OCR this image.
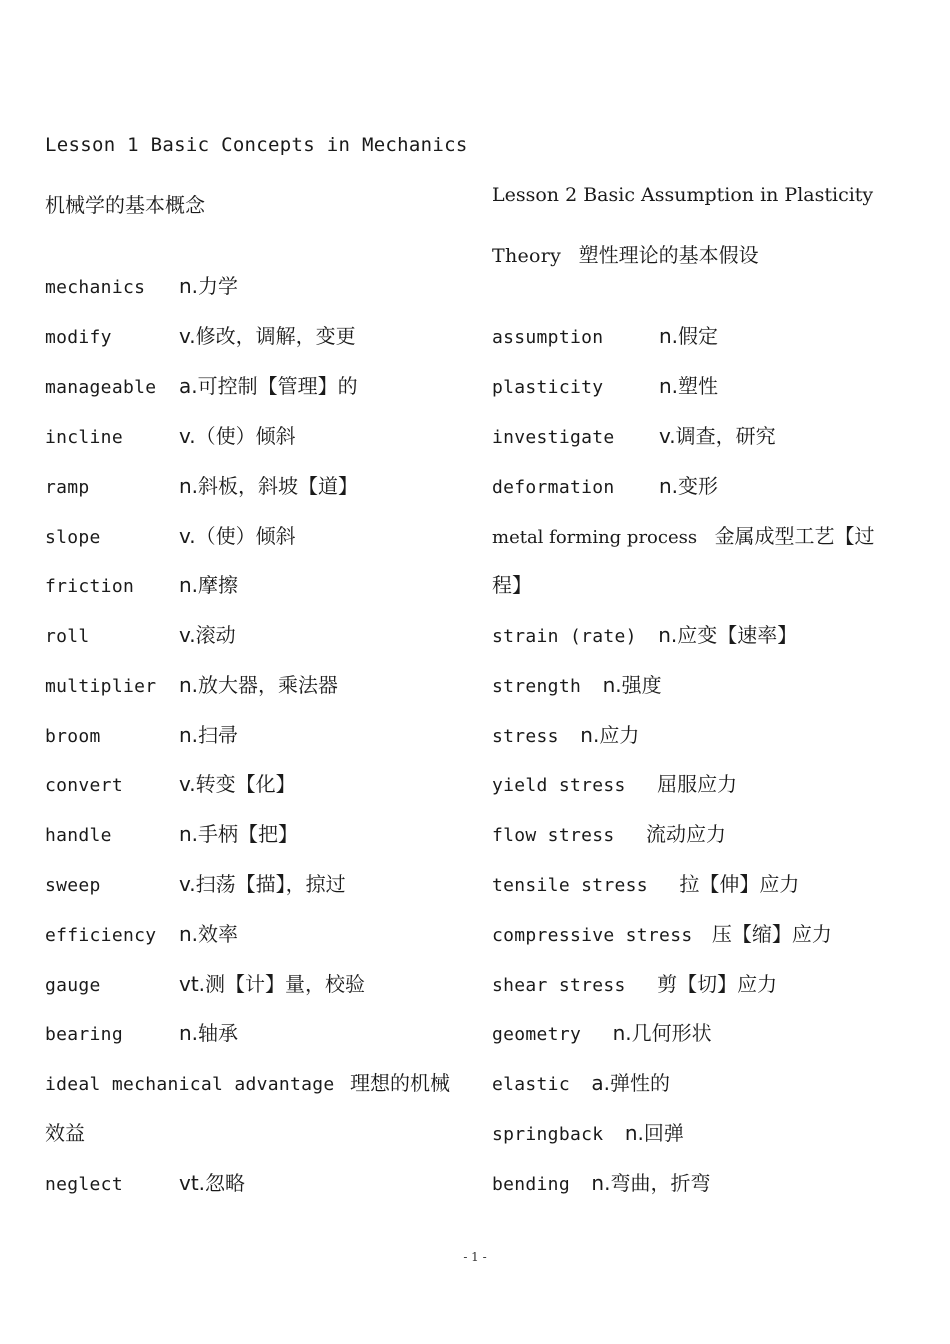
Lesson 1 Basic Concepts in Mechanics
机械学的基本概念
mechanics n.力学
modify	v.修改，调解，变更
manageable a.可控制【管理】的
incline	v.（使）倾斜
ramp	n.斜板，斜坡【道】
slope	v.（使）倾斜
friction n.摩擦
roll	v.滚动
multiplier n.放大器，乘法器
broom	n.扫帚
convert	v.转变【化】
handle	n.手柄【把】
sweep	v.扫荡【描】，掠过
efficiency n.效率
gauge	vt.测【计】量，校验
bearing	n.轴承
ideal mechanical advantage 理想的机械
效益
neglect	vt.忽略
Lesson 2 Basic Assumption in Plasticity
Theory 塑性理论的基本假设
assumption	n.假定
plasticity	n.塑性
investigate v.调查，研究
deformation n.变形
metal forming process 金属成型工艺【过
程】
strain (rate) n.应变【速率】
strength n.强度
stress n.应力
yield stress 屈服应力
flow stress 流动应力
tensile stress 拉【伸】应力
compressive stress 压【缩】应力
shear stress 剪【切】应力
geometry n.几何形状
elastic a.弹性的
springback n.回弹
bending n.弯曲，折弯
- 1 -
